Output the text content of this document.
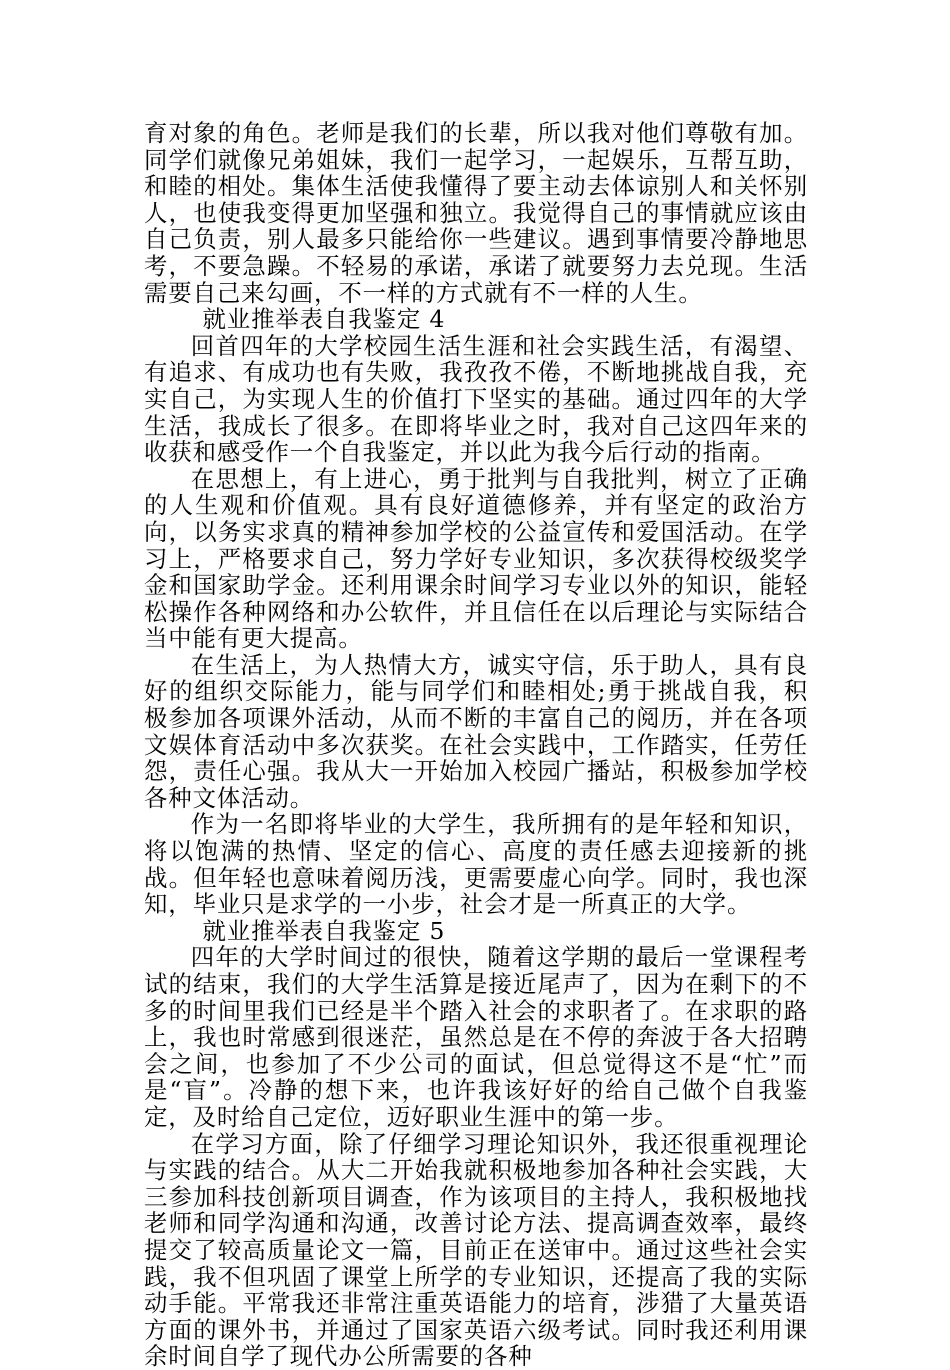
育对象的角色。老师是我们的长辈，所以我对他们尊敬有加。同学们就像兄弟姐妹，我们一起学习，一起娱乐，互帮互助，和睦的相处。集体生活使我懂得了要主动去体谅别人和关怀别人，也使我变得更加坚强和独立。我觉得自己的事情就应该由自己负责，别人最多只能给你一些建议。遇到事情要冷静地思考，不要急躁。不轻易的承诺，承诺了就要努力去兑现。生活需要自己来勾画，不一样的方式就有不一样的人生。

就业推举表自我鉴定 4

回首四年的大学校园生活生涯和社会实践生活，有渴望、有追求、有成功也有失败，我孜孜不倦，不断地挑战自我，充实自己，为实现人生的价值打下坚实的基础。通过四年的大学生活，我成长了很多。在即将毕业之时，我对自己这四年来的收获和感受作一个自我鉴定，并以此为我今后行动的指南。

在思想上，有上进心，勇于批判与自我批判，树立了正确的人生观和价值观。具有良好道德修养，并有坚定的政治方向，以务实求真的精神参加学校的公益宣传和爱国活动。在学习上，严格要求自己，努力学好专业知识，多次获得校级奖学金和国家助学金。还利用课余时间学习专业以外的知识，能轻松操作各种网络和办公软件，并且信任在以后理论与实际结合当中能有更大提高。

在生活上，为人热情大方，诚实守信，乐于助人，具有良好的组织交际能力，能与同学们和睦相处;勇于挑战自我，积极参加各项课外活动，从而不断的丰富自己的阅历，并在各项文娱体育活动中多次获奖。在社会实践中，工作踏实，任劳任怨，责任心强。我从大一开始加入校园广播站，积极参加学校各种文体活动。

作为一名即将毕业的大学生，我所拥有的是年轻和知识，将以饱满的热情、坚定的信心、高度的责任感去迎接新的挑战。但年轻也意味着阅历浅，更需要虚心向学。同时，我也深知，毕业只是求学的一小步，社会才是一所真正的大学。

就业推举表自我鉴定 5

四年的大学时间过的很快，随着这学期的最后一堂课程考试的结束，我们的大学生活算是接近尾声了，因为在剩下的不多的时间里我们已经是半个踏入社会的求职者了。在求职的路上，我也时常感到很迷茫，虽然总是在不停的奔波于各大招聘会之间，也参加了不少公司的面试，但总觉得这不是“忙”而是“盲”。冷静的想下来，也许我该好好的给自己做个自我鉴定，及时给自己定位，迈好职业生涯中的第一步。

在学习方面，除了仔细学习理论知识外，我还很重视理论与实践的结合。从大二开始我就积极地参加各种社会实践，大三参加科技创新项目调查，作为该项目的主持人，我积极地找老师和同学沟通和沟通，改善讨论方法、提高调查效率，最终提交了较高质量论文一篇，目前正在送审中。通过这些社会实践，我不但巩固了课堂上所学的专业知识，还提高了我的实际动手能。平常我还非常注重英语能力的培育，涉猎了大量英语方面的课外书，并通过了国家英语六级考试。同时我还利用课余时间自学了现代办公所需要的各种
